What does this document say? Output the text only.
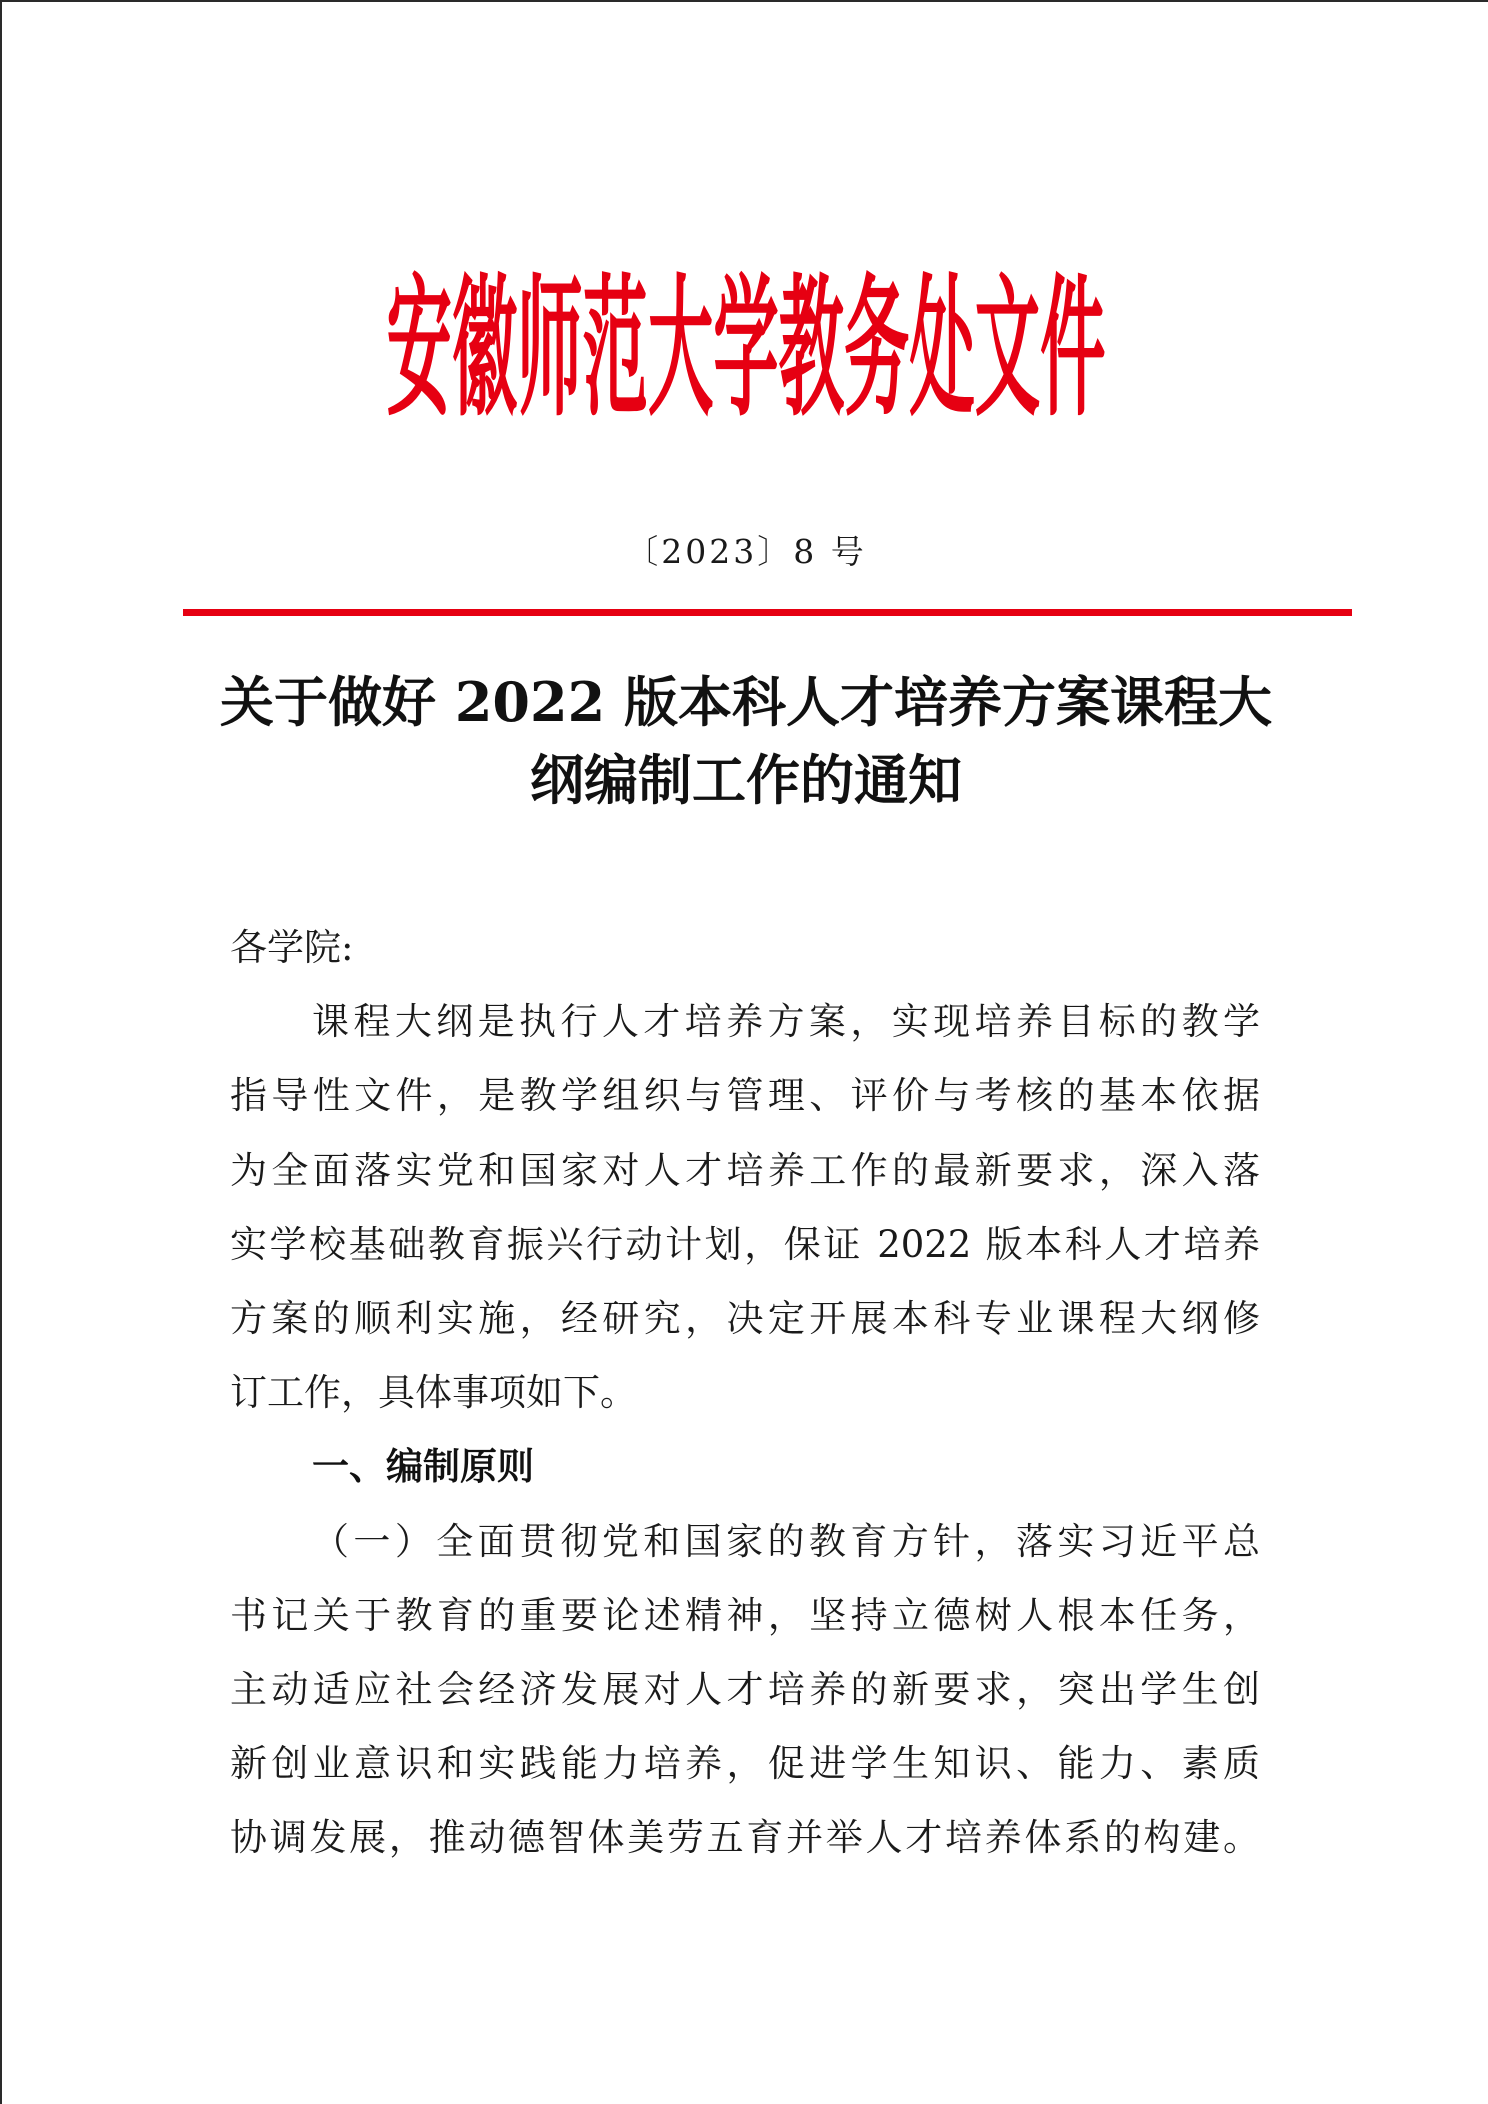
安徽师范大学教务处文件
〔2023〕8 号
关于做好 2022 版本科人才培养方案课程大
纲编制工作的通知
各学院:
课程大纲是执行人才培养方案，实现培养目标的教学
指导性文件，是教学组织与管理、评价与考核的基本依据
为全面落实党和国家对人才培养工作的最新要求，深入落
实学校基础教育振兴行动计划，保证 2022 版本科人才培养
方案的顺利实施，经研究，决定开展本科专业课程大纲修
订工作，具体事项如下。
一、编制原则
（一）全面贯彻党和国家的教育方针，落实习近平总
书记关于教育的重要论述精神，坚持立德树人根本任务，
主动适应社会经济发展对人才培养的新要求，突出学生创
新创业意识和实践能力培养，促进学生知识、能力、素质
协调发展，推动德智体美劳五育并举人才培养体系的构建。
